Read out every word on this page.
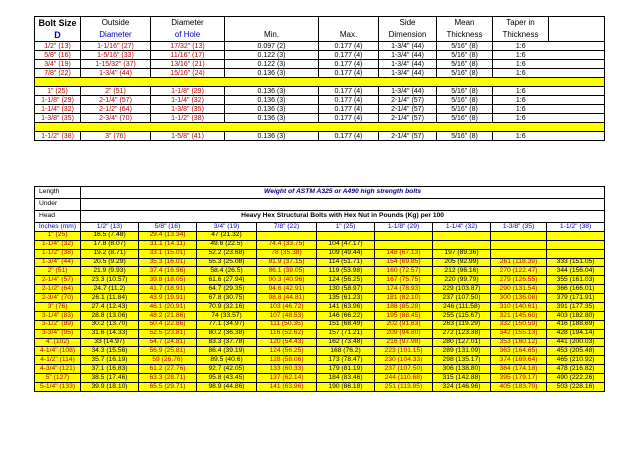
Bolt Size	Outside	Diameter			Side	Mean	Taper in	
D	Diameter	of Hole	Min.	Max.	Dimension	Thickness	Thickness	
1/2" (13)	1-1/16" (27)	17/32" (13)	0.097 (2)	0.177 (4)	1-3/4" (44)	5/16" (8)	1:6	
5/8" (16)	1-5/16" (33)	11/16" (17)	0.122 (3)	0.177 (4)	1-3/4" (44)	5/16" (8)	1:6	
3/4" (19)	1-15/32" (37)	13/16" (21)	0.122 (3)	0.177 (4)	1-3/4" (44)	5/16" (8)	1:6	
7/8" (22)	1-3/4" (44)	15/16" (24)	0.136 (3)	0.177 (4)	1-3/4" (44)	5/16" (8)	1:6	

1" (25)	2" (51)	1-1/8" (29)	0.136 (3)	0.177 (4)	1-3/4" (44)	5/16" (8)	1:6	
1-1/8" (29)	2-1/4" (57)	1-1/4" (32)	0.136 (3)	0.177 (4)	2-1/4" (57)	5/16" (8)	1:6	
1-1/4" (32)	2-1/2" (64)	1-3/8" (35)	0.136 (3)	0.177 (4)	2-1/4" (57)	5/16" (8)	1:6	
1-3/8" (35)	2-3/4" (70)	1-1/2" (38)	0.136 (3)	0.177 (4)	2-1/4" (57)	5/16" (8)	1:6	

1-1/2" (38)	3" (76)	1-5/8" (41)	0.136 (3)	0.177 (4)	2-1/4" (57)	5/16" (8)	1:6	
Length	Weight of ASTM A325 or A490 high strength bolts								
Under									
Head	Heavy Hex Structural Bolts with Hex Nut in Pounds (Kg) per 100								
Inches (mm)	1/2" (13)	5/8" (16)	3/4" (19)	7/8" (22)	1" (25)	1-1/8" (29)	1-1/4" (32)	1-3/8" (35)	1-1/2" (38)
1" (25)	16.5 (7.48)	29.4 (13.34)	47 (21.32)						
1-1/4" (32)	17.8 (8.07)	31.1 (14.11)	49.6 (22.5)	74.4 (33.75)	104 (47.17)				
1-1/2" (38)	19.2 (8.71)	33.1 (15.01)	52.2 (23.68)	78 (35.38)	109 (49.44)	148 (67.13)	197 (89.36)		
1-3/4" (44)	20.5 (9.29)	35.3 (16.01)	55.3 (25.08)	81.9 (37.15)	114 (51.71)	154 (69.85)	205 (92.99)	261 (118.39)	333 (151.05)
2" (51)	21.9 (9.93)	37.4 (16.96)	58.4 (26.5)	86.1 (39.05)	119 (53.98)	160 (72.57)	212 (96.16)	270 (122.47)	344 (156.04)
2-1/4" (57)	23.3 (10.57)	39.8 (18.05)	61.6 (27.94)	90.3 (40.96)	124 (56.25)	167 (75.75)	220 (99.79)	279 (126.55)	355 (161.03)
2-1/2" (64)	24.7 (11.2)	41.7 (18.91)	64.7 (29.35)	94.6 (42.91)	130 (58.97)	174 (78.93)	229 (103.87)	290 (131.54)	366 (166.01)
2-3/4" (70)	26.1 (11.84)	43.9 (19.91)	67.8 (30.75)	98.8 (44.81)	135 (61.23)	181 (82.10)	237 (107.50)	300 (136.08)	379 (171.91)
3" (76)	27.4 (12.43)	46.1 (20.91)	70.9 (32.16)	103 (46.72)	141 (63.96)	188 (85.28)	246 (111.58)	310 (140.61)	391 (177.35)
3-1/4" (83)	28.8 (13.06)	48.2 (21.86)	74 (33.57)	107 (48.53)	146 (66.22)	195 (88.45)	255 (115.67)	321 (145.60)	403 (182.80)
3-1/2" (89)	30.2 (13.70)	50.4 (22.86)	77.1 (34.97)	111 (50.35)	151 (68.49)	202 (91.63)	263 (119.29)	332 (150.59)	416 (188.69)
3-3/4" (95)	31.6 (14.33)	52.5 (23.81)	80.2 (36.38)	116 (52.62)	157 (71.21)	209 (94.80)	272 (123.38)	342 (155.13)	428 (194.14)
4" (102)	33 (14.97)	54.7 (24.81)	83.3 (37.78)	120 (54.43)	162 (73.48)	216 (97.98)	280 (127.01)	353 (160.12)	441 (200.03)
4-1/4" (108)	34.3 (15.56)	56.9 (25.81)	86.4 (39.19)	124 (56.25)	168 (76.2)	223 (101.15)	289 (131.09)	363 (164.65)	453 (205.48)
4-1/2" (114)	35.7 (16.19)	59 (26.76)	89.5 (40.6)	128 (58.06)	173 (78.47)	230 (104.33)	298 (135.17)	374 (169.64)	465 (210.92)
4-3/4" (121)	37.1 (16.83)	61.2 (27.76)	92.7 (42.05)	133 (60.33)	179 (81.19)	237 (107.50)	306 (138.80)	384 (174.18)	478 (216.82)
5" (127)	38.5 (17.46)	63.3 (28.71)	95.8 (43.45)	137 (62.14)	184 (83.46)	244 (110.68)	315 (142.88)	395 (179.17)	490 (222.26)
5-1/4" (133)	39.9 (18.10)	65.5 (29.71)	98.9 (44.86)	141 (63.96)	190 (86.18)	251 (113.85)	324 (146.96)	405 (183.70)	503 (228.16)
